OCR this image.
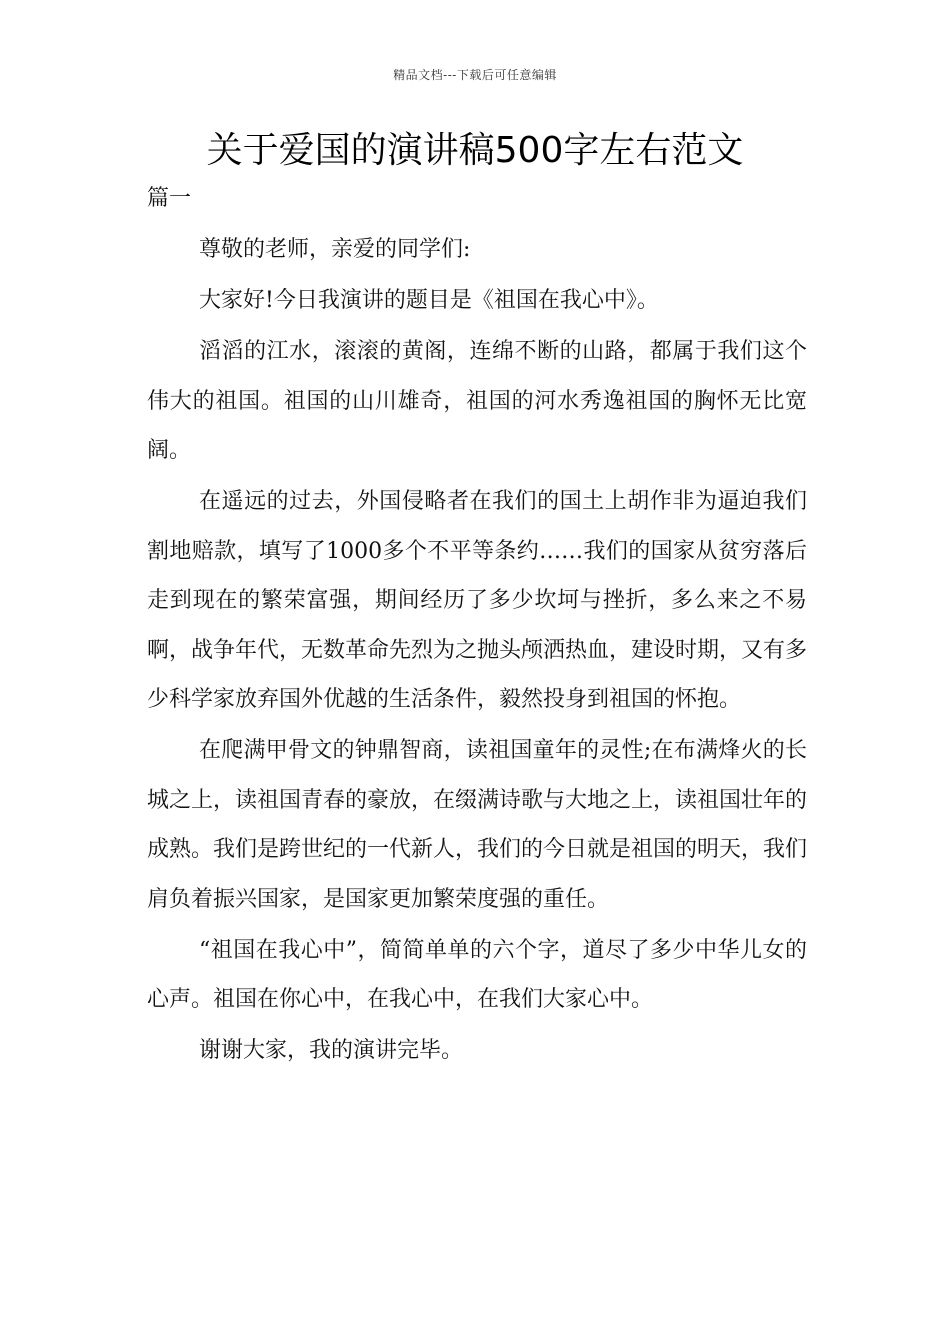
精品文档---下载后可任意编辑
关于爱国的演讲稿500字左右范文
篇一

尊敬的老师，亲爱的同学们:

大家好!今日我演讲的题目是《祖国在我心中》。

滔滔的江水，滚滚的黄阁，连绵不断的山路，都属于我们这个伟大的祖国。祖国的山川雄奇，祖国的河水秀逸祖国的胸怀无比宽阔。

在遥远的过去，外国侵略者在我们的国土上胡作非为逼迫我们割地赔款，填写了1000多个不平等条约……我们的国家从贫穷落后走到现在的繁荣富强，期间经历了多少坎坷与挫折，多么来之不易啊，战争年代，无数革命先烈为之抛头颅洒热血，建设时期，又有多少科学家放弃国外优越的生活条件，毅然投身到祖国的怀抱。

在爬满甲骨文的钟鼎智商，读祖国童年的灵性;在布满烽火的长城之上，读祖国青春的豪放，在缀满诗歌与大地之上，读祖国壮年的成熟。我们是跨世纪的一代新人，我们的今日就是祖国的明天，我们肩负着振兴国家，是国家更加繁荣度强的重任。

“祖国在我心中”，简简单单的六个字，道尽了多少中华儿女的心声。祖国在你心中，在我心中，在我们大家心中。

谢谢大家，我的演讲完毕。
